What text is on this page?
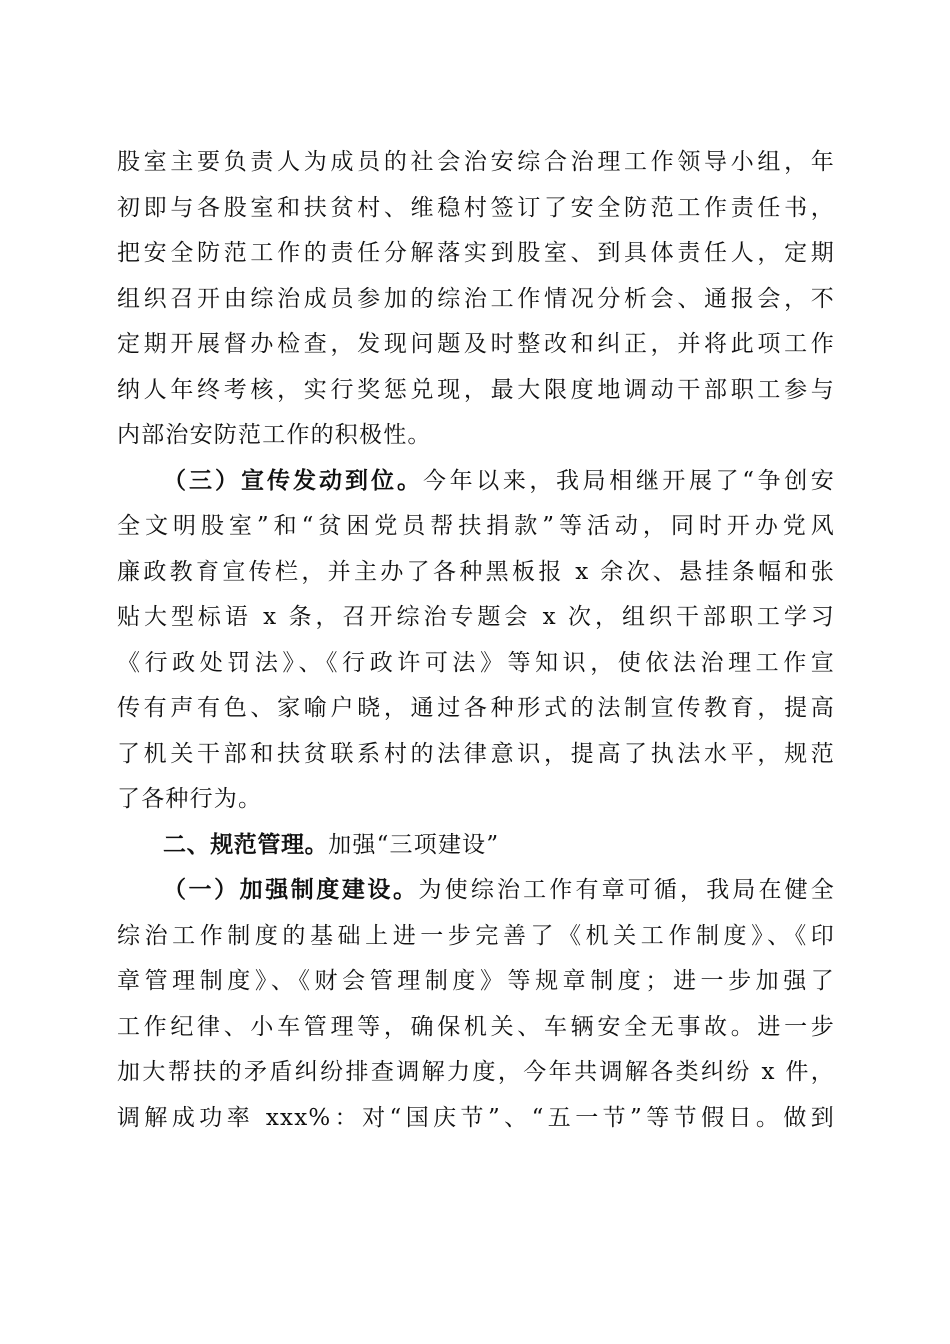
股室主要负责人为成员的社会治安综合治理工作领导小组，年
初即与各股室和扶贫村、维稳村签订了安全防范工作责任书，
把安全防范工作的责任分解落实到股室、到具体责任人，定期
组织召开由综治成员参加的综治工作情况分析会、通报会，不
定期开展督办检查，发现问题及时整改和纠正，并将此项工作
纳人年终考核，实行奖惩兑现，最大限度地调动干部职工参与
内部治安防范工作的积极性。
（三）宣传发动到位。今年以来，我局相继开展了“争创安
全文明股室”和“贫困党员帮扶捐款”等活动，同时开办党风
廉政教育宣传栏，并主办了各种黑板报 x 余次、悬挂条幅和张
贴大型标语 x 条，召开综治专题会 x 次，组织干部职工学习
《行政处罚法》、《行政许可法》等知识，使依法治理工作宣
传有声有色、家喻户晓，通过各种形式的法制宣传教育，提高
了机关干部和扶贫联系村的法律意识，提高了执法水平，规范
了各种行为。
二、规范管理。加强“三项建设”
（一）加强制度建设。为使综治工作有章可循，我局在健全
综治工作制度的基础上进一步完善了《机关工作制度》、《印
章管理制度》、《财会管理制度》等规章制度；进一步加强了
工作纪律、小车管理等，确保机关、车辆安全无事故。进一步
加大帮扶的矛盾纠纷排查调解力度，今年共调解各类纠纷 x 件，
调解成功率 xxx%：对“国庆节”、“五一节”等节假日。做到
